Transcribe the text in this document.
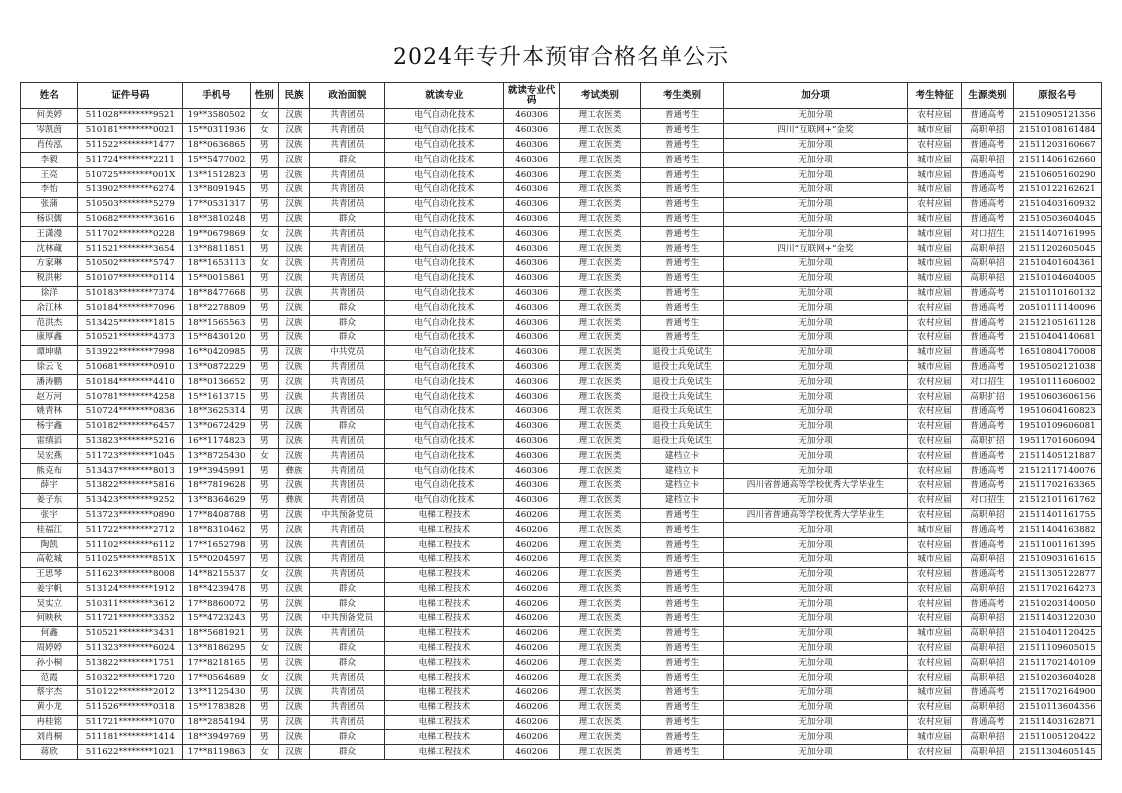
2024年专升本预审合格名单公示
姓名	证件号码	手机号	性别	民族	政治面貌	就读专业	就读专业代码	考试类别	考生类别	加分项	考生特征	生源类别	原报名号
何美婷	511028********9521	19**3580502	女	汉族	共青团员	电气自动化技术	460306	理工农医类	普通考生	无加分项	农村应届	普通高考	21510905121356
岑凯茵	510181********0021	15**0311936	女	汉族	共青团员	电气自动化技术	460306	理工农医类	普通考生	四川“互联网+”金奖	城市应届	高职单招	21510108161484
肖传泓	511522********1477	18**0636865	男	汉族	共青团员	电气自动化技术	460306	理工农医类	普通考生	无加分项	农村应届	普通高考	21511203160667
李毅	511724********2211	15**5477002	男	汉族	群众	电气自动化技术	460306	理工农医类	普通考生	无加分项	城市应届	高职单招	21511406162660
王亮	510725********001X	13**1512823	男	汉族	共青团员	电气自动化技术	460306	理工农医类	普通考生	无加分项	城市应届	普通高考	21510605160290
李怡	513902********6274	13**8091945	男	汉族	共青团员	电气自动化技术	460306	理工农医类	普通考生	无加分项	城市应届	普通高考	21510122162621
张蒲	510503********5279	17**0531317	男	汉族	共青团员	电气自动化技术	460306	理工农医类	普通考生	无加分项	农村应届	普通高考	21510403160932
杨识儒	510682********3616	18**3810248	男	汉族	群众	电气自动化技术	460306	理工农医类	普通考生	无加分项	城市应届	普通高考	21510503604045
王潇漫	511702********0228	19**0679869	女	汉族	共青团员	电气自动化技术	460306	理工农医类	普通考生	无加分项	城市应届	对口招生	21511407161995
沈林蔵	511521********3654	13**8811851	男	汉族	共青团员	电气自动化技术	460306	理工农医类	普通考生	四川“互联网+”金奖	城市应届	高职单招	21511202605045
方家琳	510502********5747	18**1653113	女	汉族	共青团员	电气自动化技术	460306	理工农医类	普通考生	无加分项	城市应届	高职单招	21510401604361
税洪彬	510107********0114	15**0015861	男	汉族	共青团员	电气自动化技术	460306	理工农医类	普通考生	无加分项	城市应届	高职单招	21510104604005
徐洋	510183********7374	18**8477668	男	汉族	共青团员	电气自动化技术	460306	理工农医类	普通考生	无加分项	城市应届	普通高考	21510110160132
余江林	510184********7096	18**2278809	男	汉族	群众	电气自动化技术	460306	理工农医类	普通考生	无加分项	农村应届	普通高考	20510111140096
范洪杰	513425********1815	18**1565563	男	汉族	群众	电气自动化技术	460306	理工农医类	普通考生	无加分项	农村应届	普通高考	21512105161128
康厚鑫	510521********4373	15**8430120	男	汉族	群众	电气自动化技术	460306	理工农医类	普通考生	无加分项	农村应届	普通高考	21510404140681
谭坤鼎	513922********7998	16**0420985	男	汉族	中共党员	电气自动化技术	460306	理工农医类	退役士兵免试生	无加分项	城市应届	普通高考	16510804170008
徐云飞	510681********0910	13**0872229	男	汉族	共青团员	电气自动化技术	460306	理工农医类	退役士兵免试生	无加分项	城市应届	普通高考	19510502121038
潘涛鹏	510184********4410	18**0136652	男	汉族	共青团员	电气自动化技术	460306	理工农医类	退役士兵免试生	无加分项	农村应届	对口招生	19510111606002
赵万河	510781********4258	15**1613715	男	汉族	共青团员	电气自动化技术	460306	理工农医类	退役士兵免试生	无加分项	农村应届	高职扩招	19510603606156
姚青林	510724********0836	18**3625314	男	汉族	共青团员	电气自动化技术	460306	理工农医类	退役士兵免试生	无加分项	农村应届	普通高考	19510604160823
杨宇鑫	510182********6457	13**0672429	男	汉族	群众	电气自动化技术	460306	理工农医类	退役士兵免试生	无加分项	农村应届	普通高考	19510109606081
雷缜滔	513823********5216	16**1174823	男	汉族	共青团员	电气自动化技术	460306	理工农医类	退役士兵免试生	无加分项	农村应届	高职扩招	19511701606094
吴宏燕	511723********1045	13**8725430	女	汉族	共青团员	电气自动化技术	460306	理工农医类	建档立卡	无加分项	农村应届	普通高考	21511405121887
熊克布	513437********8013	19**3945991	男	彝族	共青团员	电气自动化技术	460306	理工农医类	建档立卡	无加分项	农村应届	普通高考	21512117140076
薛宇	513822********5816	18**7819628	男	汉族	共青团员	电气自动化技术	460306	理工农医类	建档立卡	四川省普通高等学校优秀大学毕业生	农村应届	普通高考	21511702163365
姜子东	513423********9252	13**8364629	男	彝族	共青团员	电气自动化技术	460306	理工农医类	建档立卡	无加分项	农村应届	对口招生	21512101161762
张宇	513723********0890	17**8408788	男	汉族	中共预备党员	电梯工程技术	460206	理工农医类	普通考生	四川省普通高等学校优秀大学毕业生	农村应届	高职单招	21511401161755
桂福江	511722********2712	18**8310462	男	汉族	共青团员	电梯工程技术	460206	理工农医类	普通考生	无加分项	城市应届	普通高考	21511404163882
陶凯	511102********6112	17**1652798	男	汉族	共青团员	电梯工程技术	460206	理工农医类	普通考生	无加分项	农村应届	普通高考	21511001161395
高乾城	511025********851X	15**0204597	男	汉族	共青团员	电梯工程技术	460206	理工农医类	普通考生	无加分项	城市应届	高职单招	21510903161615
王思琴	511623********8008	14**8215537	女	汉族	共青团员	电梯工程技术	460206	理工农医类	普通考生	无加分项	农村应届	普通高考	21511305122877
姜宇帆	513124********1912	18**4239478	男	汉族	群众	电梯工程技术	460206	理工农医类	普通考生	无加分项	农村应届	高职单招	21511702164273
吴实立	510311********3612	17**8860072	男	汉族	群众	电梯工程技术	460206	理工农医类	普通考生	无加分项	农村应届	普通高考	21510203140050
何映秋	511721********3352	15**4723243	男	汉族	中共预备党员	电梯工程技术	460206	理工农医类	普通考生	无加分项	农村应届	高职单招	21511403122030
何鑫	510521********3431	18**5681921	男	汉族	共青团员	电梯工程技术	460206	理工农医类	普通考生	无加分项	城市应届	高职单招	21510401120425
周婷婷	511323********6024	13**8186295	女	汉族	群众	电梯工程技术	460206	理工农医类	普通考生	无加分项	农村应届	高职单招	21511109605015
孙小桐	513822********1751	17**8218165	男	汉族	群众	电梯工程技术	460206	理工农医类	普通考生	无加分项	农村应届	高职单招	21511702140109
范霞	510322********1720	17**0564689	女	汉族	共青团员	电梯工程技术	460206	理工农医类	普通考生	无加分项	农村应届	高职单招	21510203604028
蔡宇杰	510122********2012	13**1125430	男	汉族	共青团员	电梯工程技术	460206	理工农医类	普通考生	无加分项	城市应届	普通高考	21511702164900
黄小龙	511526********0318	15**1783828	男	汉族	共青团员	电梯工程技术	460206	理工农医类	普通考生	无加分项	农村应届	高职单招	21510113604356
冉桂铭	511721********1070	18**2854194	男	汉族	共青团员	电梯工程技术	460206	理工农医类	普通考生	无加分项	农村应届	普通高考	21511403162871
刘肖桐	511181********1414	18**3949769	男	汉族	群众	电梯工程技术	460206	理工农医类	普通考生	无加分项	城市应届	高职单招	21511005120422
蒋欣	511622********1021	17**8119863	女	汉族	群众	电梯工程技术	460206	理工农医类	普通考生	无加分项	农村应届	高职单招	21511304605145
